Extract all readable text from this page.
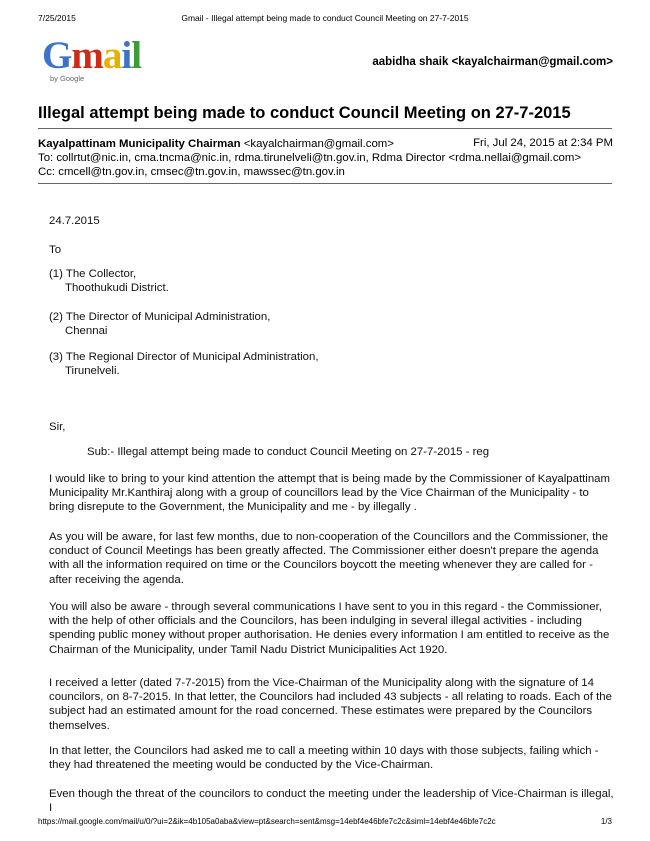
7/25/2015	Gmail - Illegal attempt being made to conduct Council Meeting on 27-7-2015
Gmail
by Google
aabidha shaik <kayalchairman@gmail.com>
Illegal attempt being made to conduct Council Meeting on 27-7-2015
Kayalpattinam Municipality Chairman <kayalchairman@gmail.com>	Fri, Jul 24, 2015 at 2:34 PM
To: collrtut@nic.in, cma.tncma@nic.in, rdma.tirunelveli@tn.gov.in, Rdma Director <rdma.nellai@gmail.com>
Cc: cmcell@tn.gov.in, cmsec@tn.gov.in, mawssec@tn.gov.in
24.7.2015
To
(1) The Collector,
Thoothukudi District.
(2) The Director of Municipal Administration,
Chennai
(3) The Regional Director of Municipal Administration,
Tirunelveli.
Sir,
Sub:- Illegal attempt being made to conduct Council Meeting on 27-7-2015 - reg
I would like to bring to your kind attention the attempt that is being made by the Commissioner of Kayalpattinam Municipality Mr.Kanthiraj along with a group of councillors lead by the Vice Chairman of the Municipality - to bring disrepute to the Government, the Municipality and me - by illegally .
As you will be aware, for last few months, due to non-cooperation of the Councillors and the Commissioner, the conduct of Council Meetings has been greatly affected. The Commissioner either doesn't prepare the agenda with all the information required on time or the Councilors boycott the meeting whenever they are called for - after receiving the agenda.
You will also be aware - through several communications I have sent to you in this regard - the Commissioner, with the help of other officials and the Councilors, has been indulging in several illegal activities - including spending public money without proper authorisation. He denies every information I am entitled to receive as the Chairman of the Municipality, under Tamil Nadu District Municipalities Act 1920.
I received a letter (dated 7-7-2015) from the Vice-Chairman of the Municipality along with the signature of 14 councilors, on 8-7-2015. In that letter, the Councilors had included 43 subjects - all relating to roads. Each of the subject had an estimated amount for the road concerned. These estimates were prepared by the Councilors themselves.
In that letter, the Councilors had asked me to call a meeting within 10 days with those subjects, failing which - they had threatened the meeting would be conducted by the Vice-Chairman.
Even though the threat of the councilors to conduct the meeting under the leadership of Vice-Chairman is illegal, I
https://mail.google.com/mail/u/0/?ui=2&ik=4b105a0aba&view=pt&search=sent&msg=14ebf4e46bfe7c2c&siml=14ebf4e46bfe7c2c	1/3
